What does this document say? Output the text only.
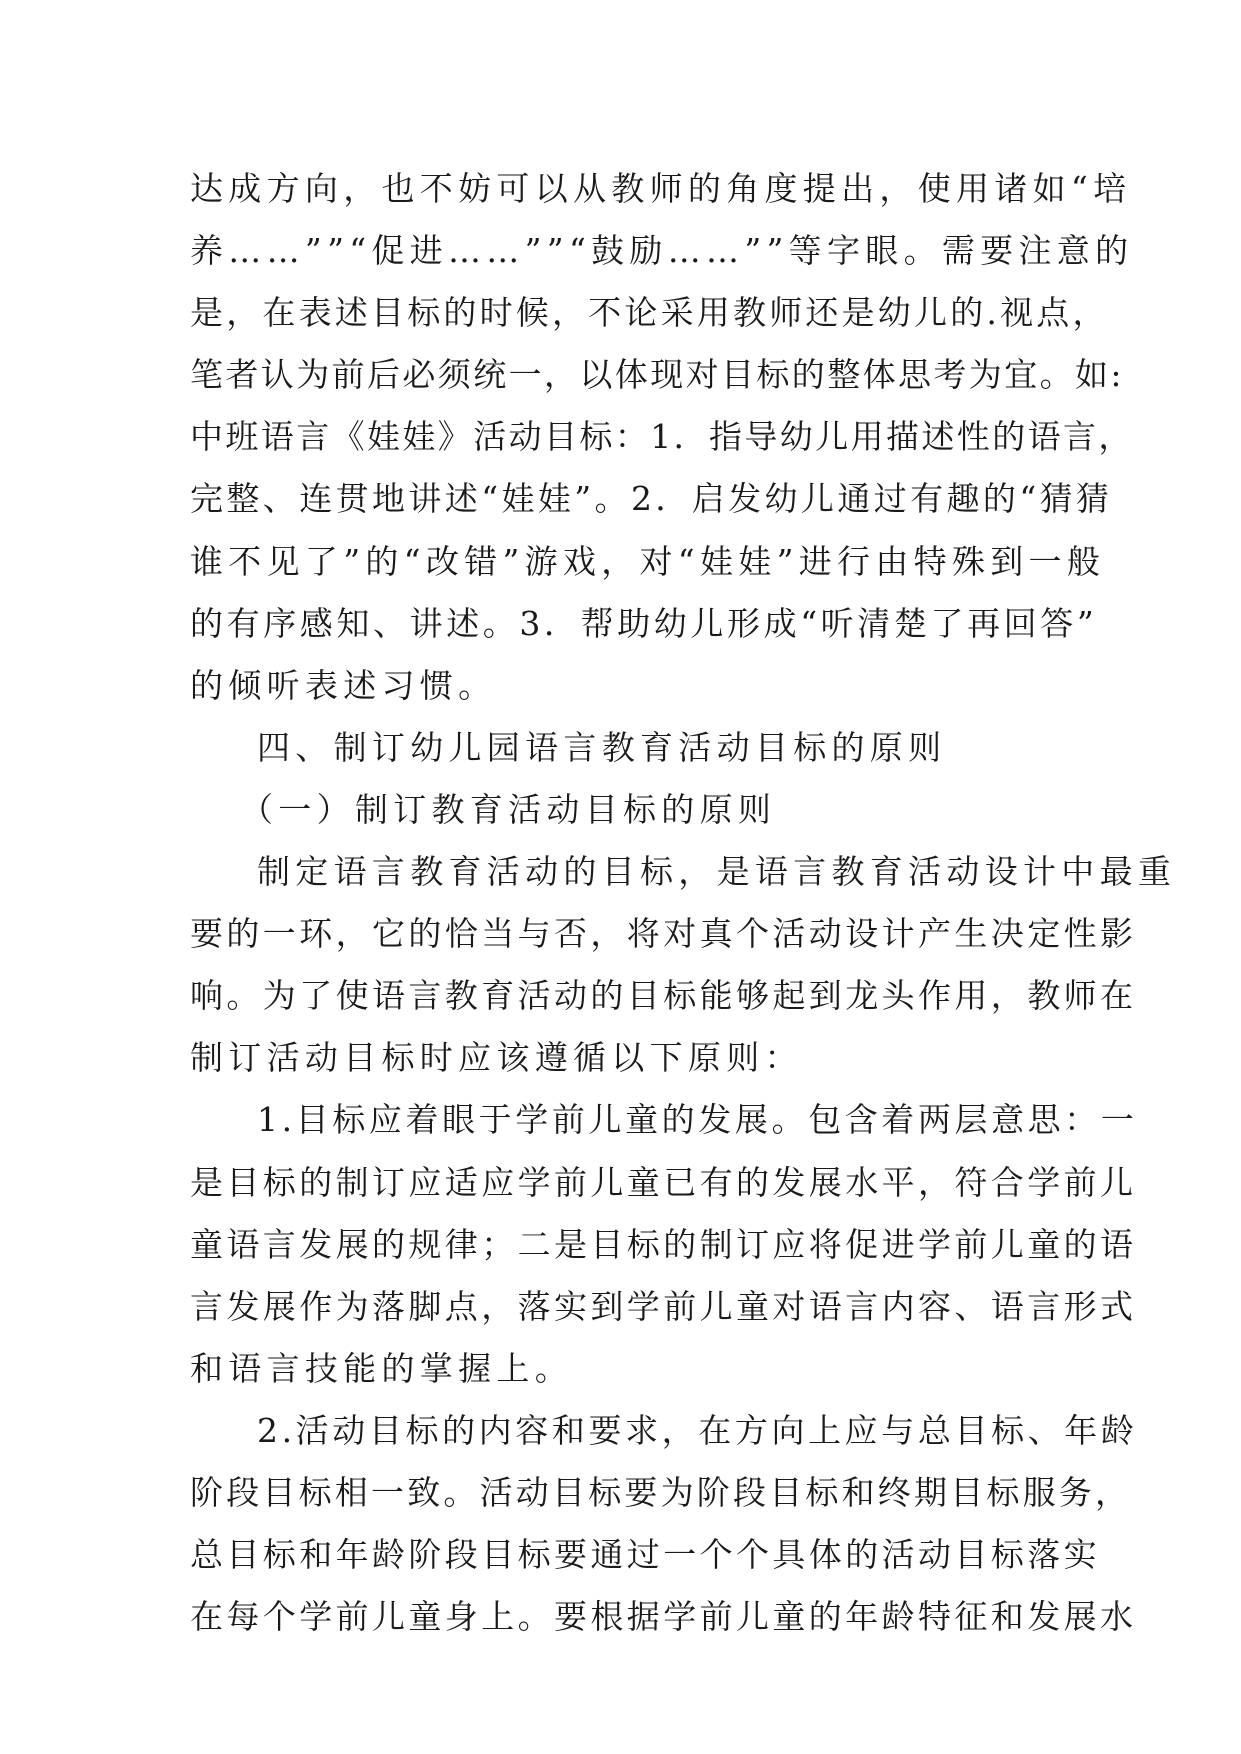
达成方向，也不妨可以从教师的角度提出，使用诸如“培
养……””“促进……””“鼓励……””等字眼。需要注意的
是，在表述目标的时候，不论采用教师还是幼儿的.视点，
笔者认为前后必须统一，以体现对目标的整体思考为宜。如:
中班语言《娃娃》活动目标：1．指导幼儿用描述性的语言，
完整、连贯地讲述“娃娃”。2．启发幼儿通过有趣的“猜猜
谁不见了”的“改错”游戏，对“娃娃”进行由特殊到一般
的有序感知、讲述。3．帮助幼儿形成“听清楚了再回答”
的倾听表述习惯。
四、制订幼儿园语言教育活动目标的原则
（一）制订教育活动目标的原则
制定语言教育活动的目标，是语言教育活动设计中最重
要的一环，它的恰当与否，将对真个活动设计产生决定性影
响。为了使语言教育活动的目标能够起到龙头作用，教师在
制订活动目标时应该遵循以下原则：
1.目标应着眼于学前儿童的发展。包含着两层意思：一
是目标的制订应适应学前儿童已有的发展水平，符合学前儿
童语言发展的规律；二是目标的制订应将促进学前儿童的语
言发展作为落脚点，落实到学前儿童对语言内容、语言形式
和语言技能的掌握上。
2.活动目标的内容和要求，在方向上应与总目标、年龄
阶段目标相一致。活动目标要为阶段目标和终期目标服务，
总目标和年龄阶段目标要通过一个个具体的活动目标落实
在每个学前儿童身上。要根据学前儿童的年龄特征和发展水
